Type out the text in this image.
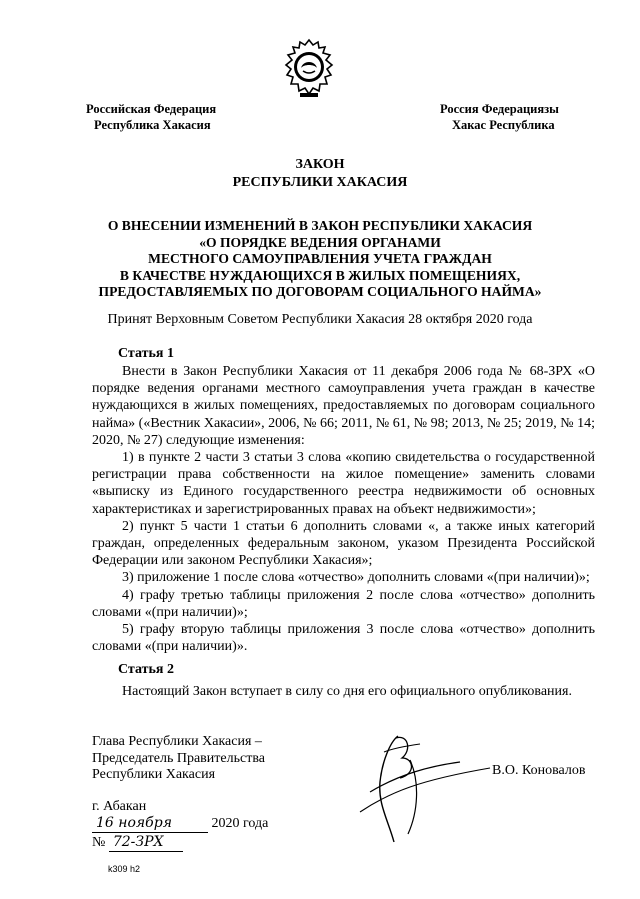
Российская Федерация
Республика Хакасия
Россия Федерациязы
Хакас Республика
ЗАКОН
РЕСПУБЛИКИ ХАКАСИЯ
О ВНЕСЕНИИ ИЗМЕНЕНИЙ В ЗАКОН РЕСПУБЛИКИ ХАКАСИЯ
«О ПОРЯДКЕ ВЕДЕНИЯ ОРГАНАМИ
МЕСТНОГО САМОУПРАВЛЕНИЯ УЧЕТА ГРАЖДАН
В КАЧЕСТВЕ НУЖДАЮЩИХСЯ В ЖИЛЫХ ПОМЕЩЕНИЯХ,
ПРЕДОСТАВЛЯЕМЫХ ПО ДОГОВОРАМ СОЦИАЛЬНОГО НАЙМА»
Принят Верховным Советом Республики Хакасия 28 октября 2020 года
Статья 1

Внести в Закон Республики Хакасия от 11 декабря 2006 года № 68-ЗРХ «О порядке ведения органами местного самоуправления учета граждан в качестве нуждающихся в жилых помещениях, предоставляемых по договорам социального найма» («Вестник Хакасии», 2006, № 66; 2011, № 61, № 98; 2013, № 25; 2019, № 14; 2020, № 27) следующие изменения:

1) в пункте 2 части 3 статьи 3 слова «копию свидетельства о государственной регистрации права собственности на жилое помещение» заменить словами «выписку из Единого государственного реестра недвижимости об основных характеристиках и зарегистрированных правах на объект недвижимости»;

2) пункт 5 части 1 статьи 6 дополнить словами «, а также иных категорий граждан, определенных федеральным законом, указом Президента Российской Федерации или законом Республики Хакасия»;

3) приложение 1 после слова «отчество» дополнить словами «(при наличии)»;

4) графу третью таблицы приложения 2 после слова «отчество» дополнить словами «(при наличии)»;

5) графу вторую таблицы приложения 3 после слова «отчество» дополнить словами «(при наличии)».

Статья 2
Настоящий Закон вступает в силу со дня его официального опубликования.
Глава Республики Хакасия –
Председатель Правительства
Республики Хакасия	В.О. Коновалов
г. Абакан
16 ноября	2020 года
№ 72-ЗРХ
k309 h2
